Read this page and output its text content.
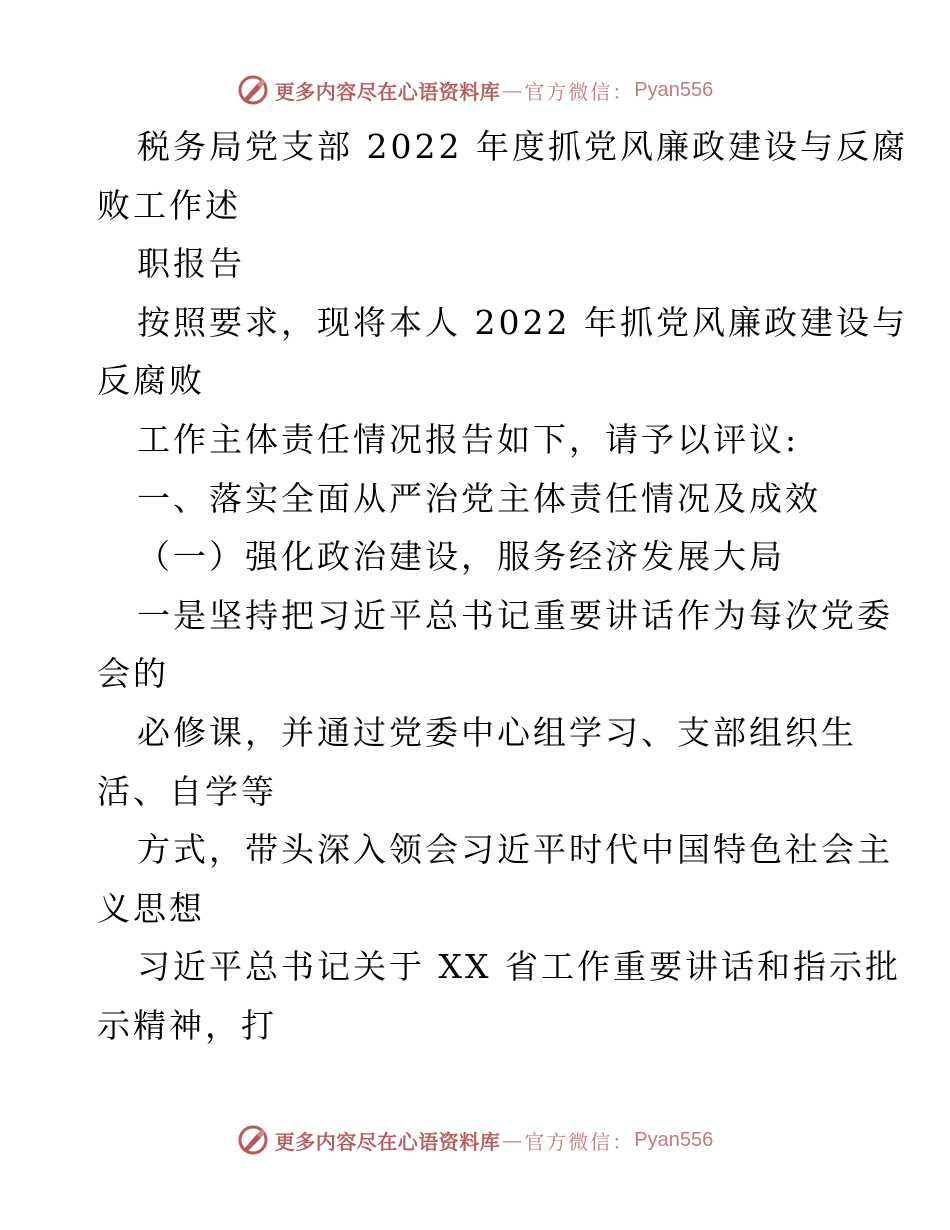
更多内容尽在心语资料库 — 官方微信： Pyan556
税务局党支部 2022 年度抓党风廉政建设与反腐
败工作述
职报告
按照要求，现将本人 2022 年抓党风廉政建设与
反腐败
工作主体责任情况报告如下，请予以评议:
一、落实全面从严治党主体责任情况及成效
（一）强化政治建设，服务经济发展大局
一是坚持把习近平总书记重要讲话作为每次党委
会的
必修课，并通过党委中心组学习、支部组织生
活、自学等
方式，带头深入领会习近平时代中国特色社会主
义思想
习近平总书记关于 XX 省工作重要讲话和指示批
示精神，打
更多内容尽在心语资料库 — 官方微信： Pyan556
